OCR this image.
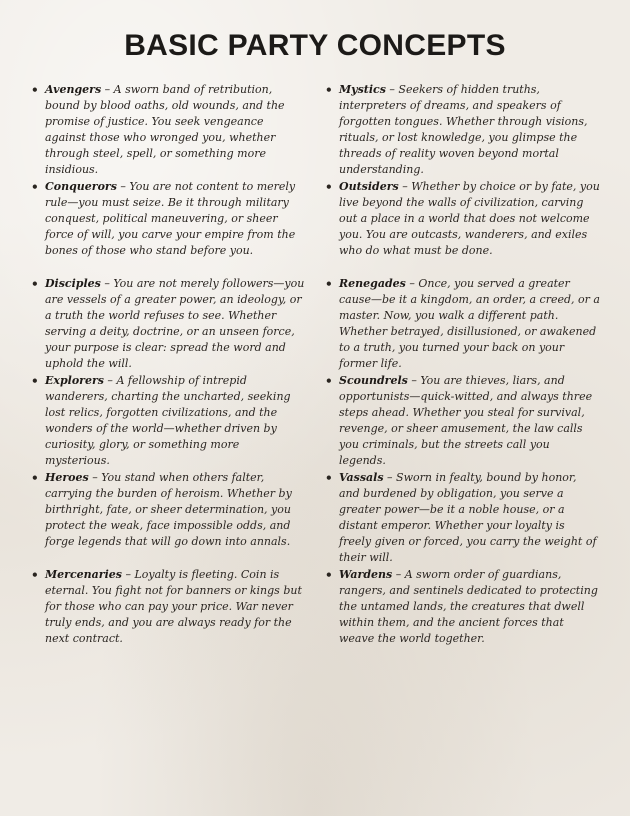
BASIC PARTY CONCEPTS
• Avengers – A sworn band of retribution, bound by blood oaths, old wounds, and the promise of justice. You seek vengeance against those who wronged you, whether through steel, spell, or something more insidious.
• Conquerors – You are not content to merely rule—you must seize. Be it through military conquest, political maneuvering, or sheer force of will, you carve your empire from the bones of those who stand before you.
• Disciples – You are not merely followers—you are vessels of a greater power, an ideology, or a truth the world refuses to see. Whether serving a deity, doctrine, or an unseen force, your purpose is clear: spread the word and uphold the will.
• Explorers – A fellowship of intrepid wanderers, charting the uncharted, seeking lost relics, forgotten civilizations, and the wonders of the world—whether driven by curiosity, glory, or something more mysterious.
• Heroes – You stand when others falter, carrying the burden of heroism. Whether by birthright, fate, or sheer determination, you protect the weak, face impossible odds, and forge legends that will go down into annals.
• Mercenaries – Loyalty is fleeting. Coin is eternal. You fight not for banners or kings but for those who can pay your price. War never truly ends, and you are always ready for the next contract.
• Mystics – Seekers of hidden truths, interpreters of dreams, and speakers of forgotten tongues. Whether through visions, rituals, or lost knowledge, you glimpse the threads of reality woven beyond mortal understanding.
• Outsiders – Whether by choice or by fate, you live beyond the walls of civilization, carving out a place in a world that does not welcome you. You are outcasts, wanderers, and exiles who do what must be done.
• Renegades – Once, you served a greater cause—be it a kingdom, an order, a creed, or a master. Now, you walk a different path. Whether betrayed, disillusioned, or awakened to a truth, you turned your back on your former life.
• Scoundrels – You are thieves, liars, and opportunists—quick-witted, and always three steps ahead. Whether you steal for survival, revenge, or sheer amusement, the law calls you criminals, but the streets call you legends.
• Vassals – Sworn in fealty, bound by honor, and burdened by obligation, you serve a greater power—be it a noble house, or a distant emperor. Whether your loyalty is freely given or forced, you carry the weight of their will.
• Wardens – A sworn order of guardians, rangers, and sentinels dedicated to protecting the untamed lands, the creatures that dwell within them, and the ancient forces that weave the world together.
